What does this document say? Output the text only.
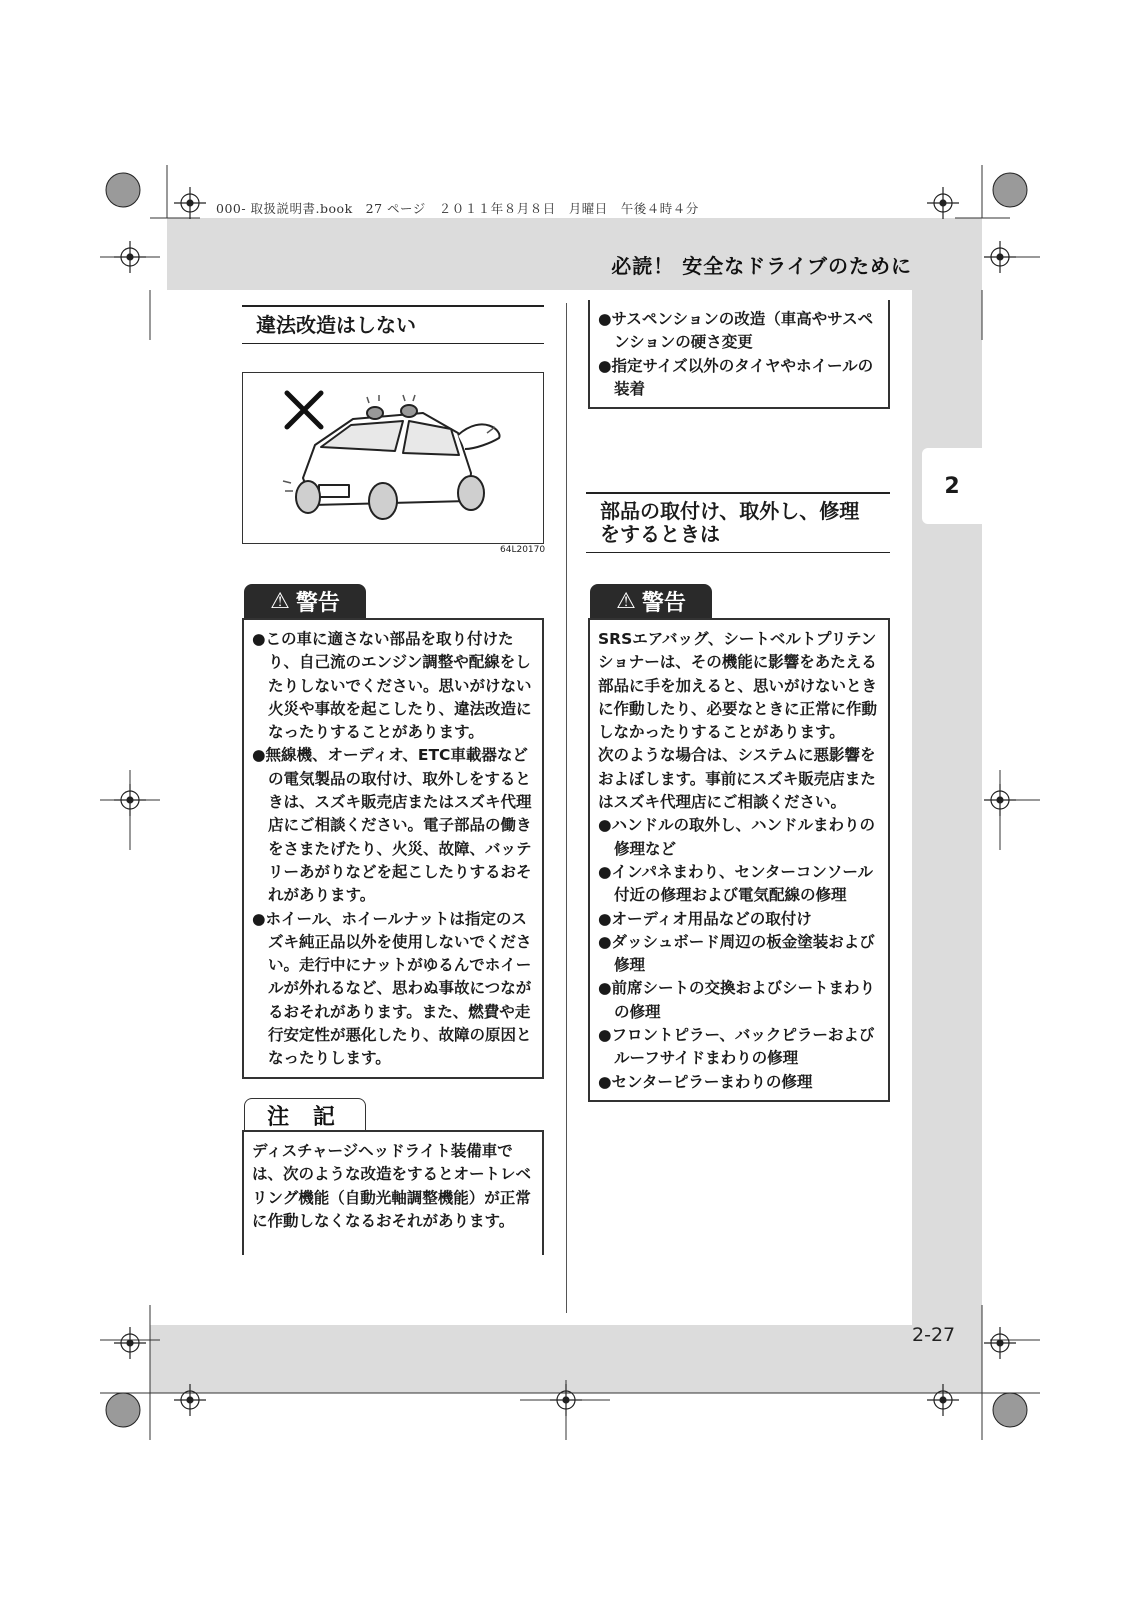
000- 取扱説明書.book　27 ページ　２０１１年８月８日　月曜日　午後４時４分
必読！ 安全なドライブのために
2
2-27
違法改造はしない
64L20170
⚠ 警告

●この車に適さない部品を取り付けたり、自己流のエンジン調整や配線をしたりしないでください。思いがけない火災や事故を起こしたり、違法改造になったりすることがあります。

●無線機、オーディオ、ETC車載器などの電気製品の取付け、取外しをするときは、スズキ販売店またはスズキ代理店にご相談ください。電子部品の働きをさまたげたり、火災、故障、バッテリーあがりなどを起こしたりするおそれがあります。

●ホイール、ホイールナットは指定のスズキ純正品以外を使用しないでください。走行中にナットがゆるんでホイールが外れるなど、思わぬ事故につながるおそれがあります。また、燃費や走行安定性が悪化したり、故障の原因となったりします。

注 記

ディスチャージヘッドライト装備車では、次のような改造をするとオートレベリング機能（自動光軸調整機能）が正常に作動しなくなるおそれがあります。

●サスペンションの改造（車高やサスペンションの硬さ変更

●指定サイズ以外のタイヤやホイールの装着

部品の取付け、取外し、修理をするときは
⚠ 警告

SRSエアバッグ、シートベルトプリテンショナーは、その機能に影響をあたえる部品に手を加えると、思いがけないときに作動したり、必要なときに正常に作動しなかったりすることがあります。

次のような場合は、システムに悪影響をおよぼします。事前にスズキ販売店またはスズキ代理店にご相談ください。

●ハンドルの取外し、ハンドルまわりの修理など

●インパネまわり、センターコンソール付近の修理および電気配線の修理

●オーディオ用品などの取付け

●ダッシュボード周辺の板金塗装および修理

●前席シートの交換およびシートまわりの修理

●フロントピラー、バックピラーおよびルーフサイドまわりの修理

●センターピラーまわりの修理
